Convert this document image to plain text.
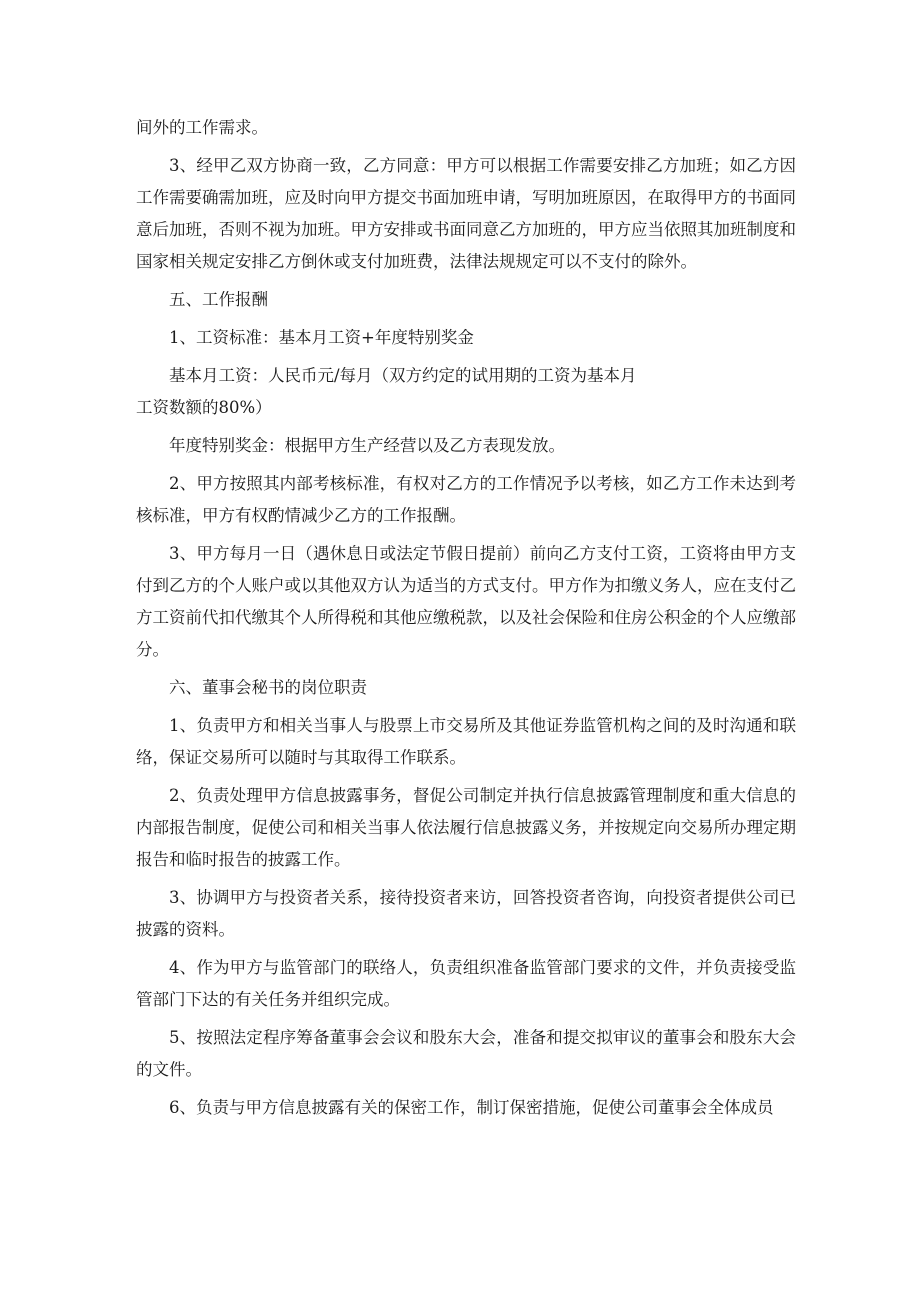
间外的工作需求。

3、经甲乙双方协商一致，乙方同意：甲方可以根据工作需要安排乙方加班；如乙方因工作需要确需加班，应及时向甲方提交书面加班申请，写明加班原因，在取得甲方的书面同意后加班，否则不视为加班。甲方安排或书面同意乙方加班的，甲方应当依照其加班制度和国家相关规定安排乙方倒休或支付加班费，法律法规规定可以不支付的除外。

五、工作报酬

1、工资标准：基本月工资+年度特别奖金

基本月工资：人民币元/每月（双方约定的试用期的工资为基本月

工资数额的80%）

年度特别奖金：根据甲方生产经营以及乙方表现发放。

2、甲方按照其内部考核标准，有权对乙方的工作情况予以考核，如乙方工作未达到考核标准，甲方有权酌情减少乙方的工作报酬。

3、甲方每月一日（遇休息日或法定节假日提前）前向乙方支付工资，工资将由甲方支付到乙方的个人账户或以其他双方认为适当的方式支付。甲方作为扣缴义务人，应在支付乙方工资前代扣代缴其个人所得税和其他应缴税款，以及社会保险和住房公积金的个人应缴部分。

六、董事会秘书的岗位职责

1、负责甲方和相关当事人与股票上市交易所及其他证券监管机构之间的及时沟通和联络，保证交易所可以随时与其取得工作联系。

2、负责处理甲方信息披露事务，督促公司制定并执行信息披露管理制度和重大信息的内部报告制度，促使公司和相关当事人依法履行信息披露义务，并按规定向交易所办理定期报告和临时报告的披露工作。

3、协调甲方与投资者关系，接待投资者来访，回答投资者咨询，向投资者提供公司已披露的资料。

4、作为甲方与监管部门的联络人，负责组织准备监管部门要求的文件，并负责接受监管部门下达的有关任务并组织完成。

5、按照法定程序筹备董事会会议和股东大会，准备和提交拟审议的董事会和股东大会的文件。

6、负责与甲方信息披露有关的保密工作，制订保密措施，促使公司董事会全体成员
